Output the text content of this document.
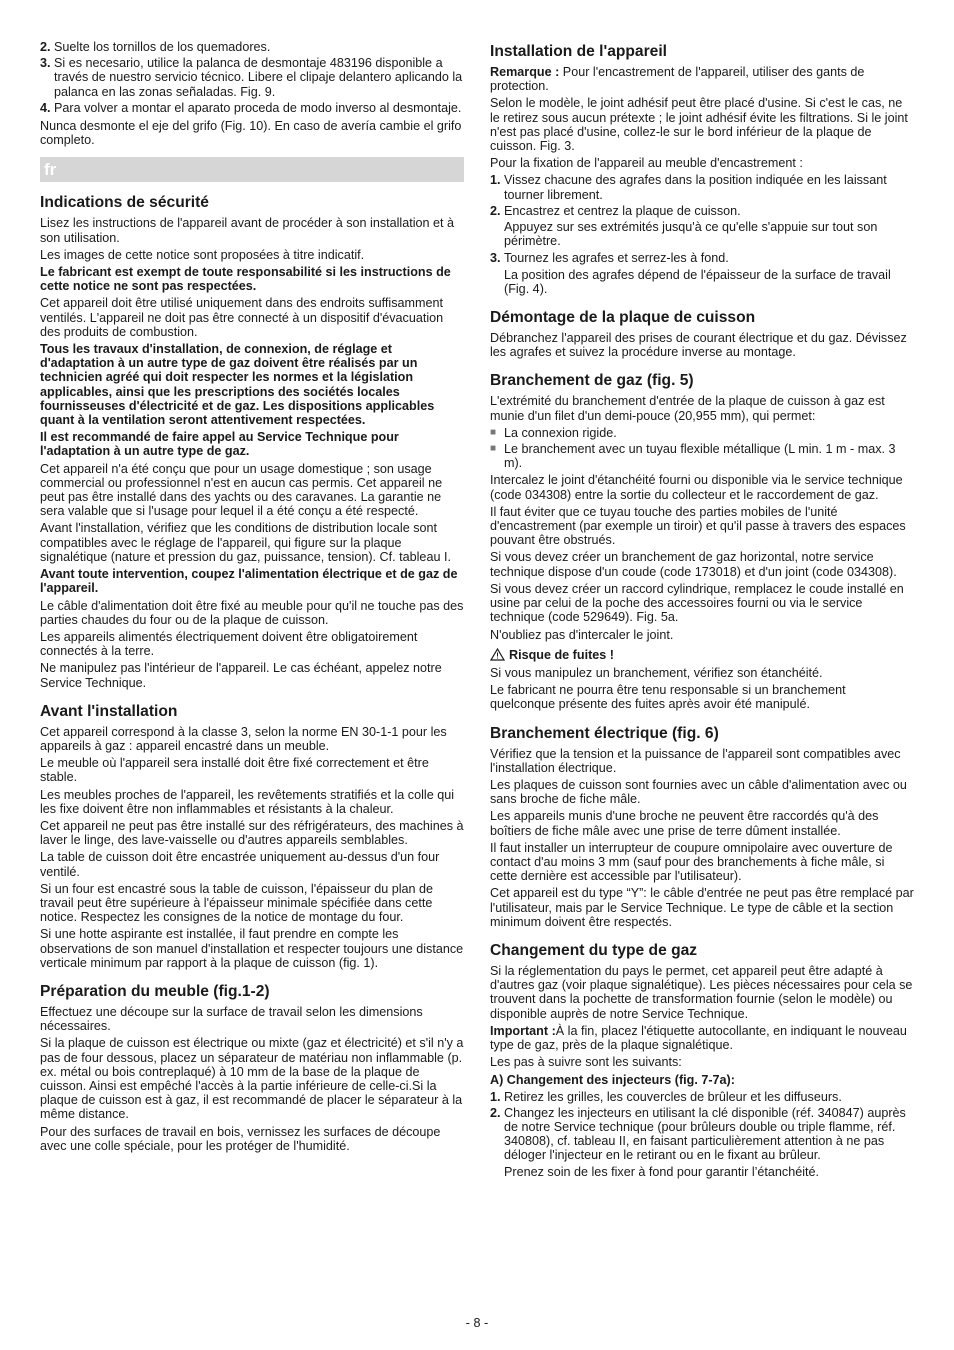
2. Suelte los tornillos de los quemadores.
3. Si es necesario, utilice la palanca de desmontaje 483196 disponible a través de nuestro servicio técnico. Libere el clipaje delantero aplicando la palanca en las zonas señaladas. Fig. 9.
4. Para volver a montar el aparato proceda de modo inverso al desmontaje.

Nunca desmonte el eje del grifo (Fig. 10). En caso de avería cambie el grifo completo.

fr
Indications de sécurité

Lisez les instructions de l'appareil avant de procéder à son installation et à son utilisation.

Les images de cette notice sont proposées à titre indicatif.

Le fabricant est exempt de toute responsabilité si les instructions de cette notice ne sont pas respectées.

Cet appareil doit être utilisé uniquement dans des endroits suffisamment ventilés. L'appareil ne doit pas être connecté à un dispositif d'évacuation des produits de combustion.

Tous les travaux d'installation, de connexion, de réglage et d'adaptation à un autre type de gaz doivent être réalisés par un technicien agréé qui doit respecter les normes et la législation applicables, ainsi que les prescriptions des sociétés locales fournisseuses d'électricité et de gaz. Les dispositions applicables quant à la ventilation seront attentivement respectées.

Il est recommandé de faire appel au Service Technique pour l'adaptation à un autre type de gaz.

Cet appareil n'a été conçu que pour un usage domestique ; son usage commercial ou professionnel n'est en aucun cas permis. Cet appareil ne peut pas être installé dans des yachts ou des caravanes. La garantie ne sera valable que si l'usage pour lequel il a été conçu a été respecté.

Avant l'installation, vérifiez que les conditions de distribution locale sont compatibles avec le réglage de l'appareil, qui figure sur la plaque signalétique (nature et pression du gaz, puissance, tension). Cf. tableau I.

Avant toute intervention, coupez l'alimentation électrique et de gaz de l'appareil.

Le câble d'alimentation doit être fixé au meuble pour qu'il ne touche pas des parties chaudes du four ou de la plaque de cuisson.

Les appareils alimentés électriquement doivent être obligatoirement connectés à la terre.

Ne manipulez pas l'intérieur de l'appareil. Le cas échéant, appelez notre Service Technique.

Avant l'installation

Cet appareil correspond à la classe 3, selon la norme EN 30-1-1 pour les appareils à gaz : appareil encastré dans un meuble.

Le meuble où l'appareil sera installé doit être fixé correctement et être stable.

Les meubles proches de l'appareil, les revêtements stratifiés et la colle qui les fixe doivent être non inflammables et résistants à la chaleur.

Cet appareil ne peut pas être installé sur des réfrigérateurs, des machines à laver le linge, des lave-vaisselle ou d'autres appareils semblables.

La table de cuisson doit être encastrée uniquement au-dessus d'un four ventilé.

Si un four est encastré sous la table de cuisson, l'épaisseur du plan de travail peut être supérieure à l'épaisseur minimale spécifiée dans cette notice. Respectez les consignes de la notice de montage du four.

Si une hotte aspirante est installée, il faut prendre en compte les observations de son manuel d'installation et respecter toujours une distance verticale minimum par rapport à la plaque de cuisson (fig. 1).

Préparation du meuble (fig.1-2)

Effectuez une découpe sur la surface de travail selon les dimensions nécessaires.

Si la plaque de cuisson est électrique ou mixte (gaz et électricité) et s'il n'y a pas de four dessous, placez un séparateur de matériau non inflammable (p. ex. métal ou bois contreplaqué) à 10 mm de la base de la plaque de cuisson. Ainsi est empêché l'accès à la partie inférieure de celle-ci.Si la plaque de cuisson est à gaz, il est recommandé de placer le séparateur à la même distance.

Pour des surfaces de travail en bois, vernissez les surfaces de découpe avec une colle spéciale, pour les protéger de l'humidité.

Installation de l'appareil

Remarque : Pour l'encastrement de l'appareil, utiliser des gants de protection.

Selon le modèle, le joint adhésif peut être placé d'usine. Si c'est le cas, ne le retirez sous aucun prétexte ; le joint adhésif évite les filtrations. Si le joint n'est pas placé d'usine, collez-le sur le bord inférieur de la plaque de cuisson. Fig. 3.

Pour la fixation de l'appareil au meuble d'encastrement :

1. Vissez chacune des agrafes dans la position indiquée en les laissant tourner librement.
2. Encastrez et centrez la plaque de cuisson.
Appuyez sur ses extrémités jusqu'à ce qu'elle s'appuie sur tout son périmètre.
3. Tournez les agrafes et serrez-les à fond.
La position des agrafes dépend de l'épaisseur de la surface de travail (Fig. 4).
Démontage de la plaque de cuisson

Débranchez l'appareil des prises de courant électrique et du gaz. Dévissez les agrafes et suivez la procédure inverse au montage.

Branchement de gaz (fig. 5)

L'extrémité du branchement d'entrée de la plaque de cuisson à gaz est munie d'un filet d'un demi-pouce (20,955 mm), qui permet:

■ La connexion rigide.
■ Le branchement avec un tuyau flexible métallique (L min. 1 m - max. 3 m).

Intercalez le joint d'étanchéité fourni ou disponible via le service technique (code 034308) entre la sortie du collecteur et le raccordement de gaz.

Il faut éviter que ce tuyau touche des parties mobiles de l'unité d'encastrement (par exemple un tiroir) et qu'il passe à travers des espaces pouvant être obstrués.

Si vous devez créer un branchement de gaz horizontal, notre service technique dispose d'un coude (code 173018) et d'un joint (code 034308).

Si vous devez créer un raccord cylindrique, remplacez le coude installé en usine par celui de la poche des accessoires fourni ou via le service technique (code 529649). Fig. 5a.

N'oubliez pas d'intercaler le joint.

Risque de fuites !

Si vous manipulez un branchement, vérifiez son étanchéité.

Le fabricant ne pourra être tenu responsable si un branchement quelconque présente des fuites après avoir été manipulé.

Branchement électrique (fig. 6)

Vérifiez que la tension et la puissance de l'appareil sont compatibles avec l'installation électrique.

Les plaques de cuisson sont fournies avec un câble d'alimentation avec ou sans broche de fiche mâle.

Les appareils munis d'une broche ne peuvent être raccordés qu'à des boîtiers de fiche mâle avec une prise de terre dûment installée.

Il faut installer un interrupteur de coupure omnipolaire avec ouverture de contact d'au moins 3 mm (sauf pour des branchements à fiche mâle, si cette dernière est accessible par l'utilisateur).

Cet appareil est du type “Y”: le câble d'entrée ne peut pas être remplacé par l'utilisateur, mais par le Service Technique. Le type de câble et la section minimum doivent être respectés.

Changement du type de gaz

Si la réglementation du pays le permet, cet appareil peut être adapté à d'autres gaz (voir plaque signalétique). Les pièces nécessaires pour cela se trouvent dans la pochette de transformation fournie (selon le modèle) ou disponible auprès de notre Service Technique.

Important :À la fin, placez l'étiquette autocollante, en indiquant le nouveau type de gaz, près de la plaque signalétique.

Les pas à suivre sont les suivants:

A) Changement des injecteurs (fig. 7-7a):
1. Retirez les grilles, les couvercles de brûleur et les diffuseurs.
2. Changez les injecteurs en utilisant la clé disponible (réf. 340847) auprès de notre Service technique (pour brûleurs double ou triple flamme, réf. 340808), cf. tableau II, en faisant particulièrement attention à ne pas déloger l'injecteur en le retirant ou en le fixant au brûleur.
Prenez soin de les fixer à fond pour garantir l’étanchéité.
- 8 -
